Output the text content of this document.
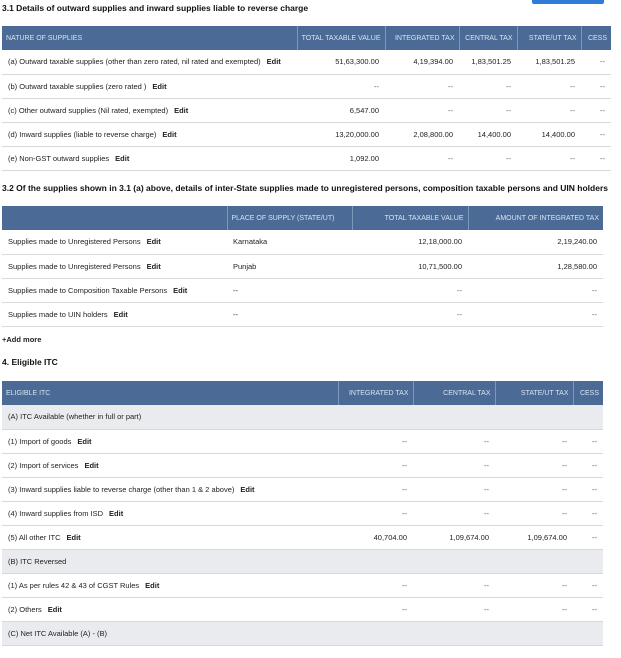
3.1 Details of outward supplies and inward supplies liable to reverse charge
NATURE OF SUPPLIES	TOTAL TAXABLE VALUE	INTEGRATED TAX	CENTRAL TAX	STATE/UT TAX	CESS
(a) Outward taxable supplies (other than zero rated, nil rated and exempted) Edit	51,63,300.00	4,19,394.00	1,83,501.25	1,83,501.25	--
(b) Outward taxable supplies (zero rated ) Edit	--	--	--	--	--
(c) Other outward supplies (Nil rated, exempted) Edit	6,547.00	--	--	--	--
(d) Inward supplies (liable to reverse charge) Edit	13,20,000.00	2,08,800.00	14,400.00	14,400.00	--
(e) Non-GST outward supplies Edit	1,092.00	--	--	--	--
3.2 Of the supplies shown in 3.1 (a) above, details of inter-State supplies made to unregistered persons, composition taxable persons and UIN holders
	PLACE OF SUPPLY (STATE/UT)	TOTAL TAXABLE VALUE	AMOUNT OF INTEGRATED TAX
Supplies made to Unregistered Persons Edit	Karnataka	12,18,000.00	2,19,240.00
Supplies made to Unregistered Persons Edit	Punjab	10,71,500.00	1,28,580.00
Supplies made to Composition Taxable Persons Edit	--	--	--
Supplies made to UIN holders Edit	--	--	--
+Add more
4. Eligible ITC
ELIGIBLE ITC	INTEGRATED TAX	CENTRAL TAX	STATE/UT TAX	CESS
(A) ITC Available (whether in full or part)				
(1) Import of goods Edit	--	--	--	--
(2) Import of services Edit	--	--	--	--
(3) Inward supplies liable to reverse charge (other than 1 & 2 above) Edit	--	--	--	--
(4) Inward supplies from ISD Edit	--	--	--	--
(5) All other ITC Edit	40,704.00	1,09,674.00	1,09,674.00	--
(B) ITC Reversed				
(1) As per rules 42 & 43 of CGST Rules Edit	--	--	--	--
(2) Others Edit	--	--	--	--
(C) Net ITC Available (A) - (B)				
